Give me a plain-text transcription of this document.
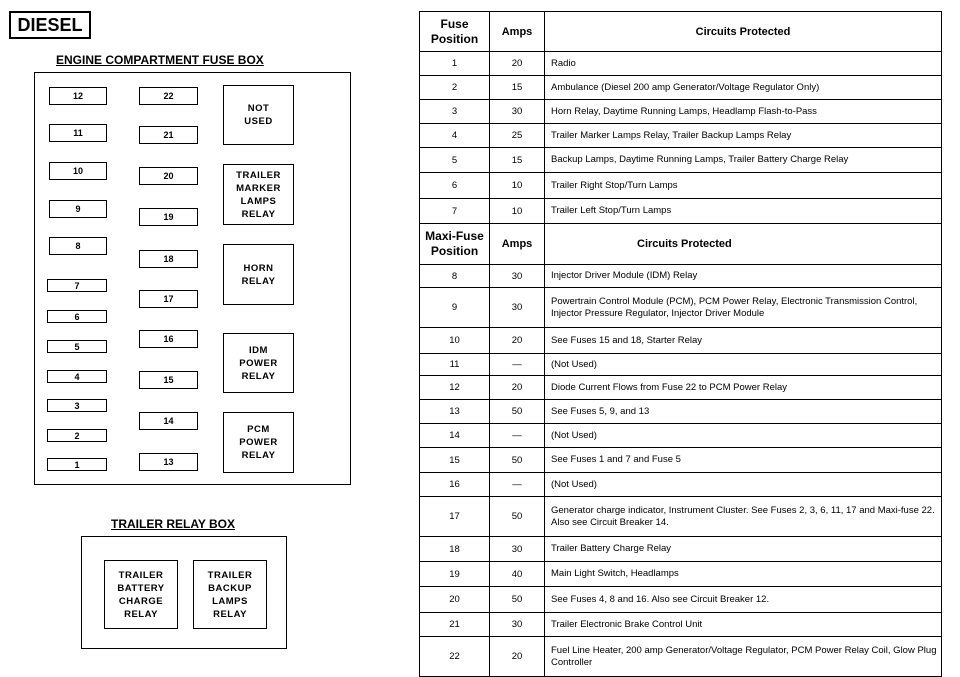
DIESEL
ENGINE COMPARTMENT FUSE BOX
12
11
10
9
8
7
6
5
4
3
2
1
22
21
20
19
18
17
16
15
14
13
NOT
USED
TRAILER
MARKER
LAMPS
RELAY
HORN
RELAY
IDM
POWER
RELAY
PCM
POWER
RELAY
TRAILER RELAY BOX
TRAILER
BATTERY
CHARGE
RELAY
TRAILER
BACKUP
LAMPS
RELAY
Fuse
Position	Amps	Circuits Protected
1	20	Radio
2	15	Ambulance (Diesel 200 amp Generator/Voltage Regulator Only)
3	30	Horn Relay, Daytime Running Lamps, Headlamp Flash-to-Pass
4	25	Trailer Marker Lamps Relay, Trailer Backup Lamps Relay
5	15	Backup Lamps, Daytime Running Lamps, Trailer Battery Charge Relay
6	10	Trailer Right Stop/Turn Lamps
7	10	Trailer Left Stop/Turn Lamps
Maxi-Fuse
Position	Amps	Circuits Protected
8	30	Injector Driver Module (IDM) Relay
9	30	Powertrain Control Module (PCM), PCM Power Relay, Electronic Transmission Control, Injector Pressure Regulator, Injector Driver Module
10	20	See Fuses 15 and 18, Starter Relay
11	—	(Not Used)
12	20	Diode Current Flows from Fuse 22 to PCM Power Relay
13	50	See Fuses 5, 9, and 13
14	—	(Not Used)
15	50	See Fuses 1 and 7 and Fuse 5
16	—	(Not Used)
17	50	Generator charge indicator, Instrument Cluster. See Fuses 2, 3, 6, 11, 17 and Maxi-fuse 22. Also see Circuit Breaker 14.
18	30	Trailer Battery Charge Relay
19	40	Main Light Switch, Headlamps
20	50	See Fuses 4, 8 and 16. Also see Circuit Breaker 12.
21	30	Trailer Electronic Brake Control Unit
22	20	Fuel Line Heater, 200 amp Generator/Voltage Regulator, PCM Power Relay Coil, Glow Plug Controller
